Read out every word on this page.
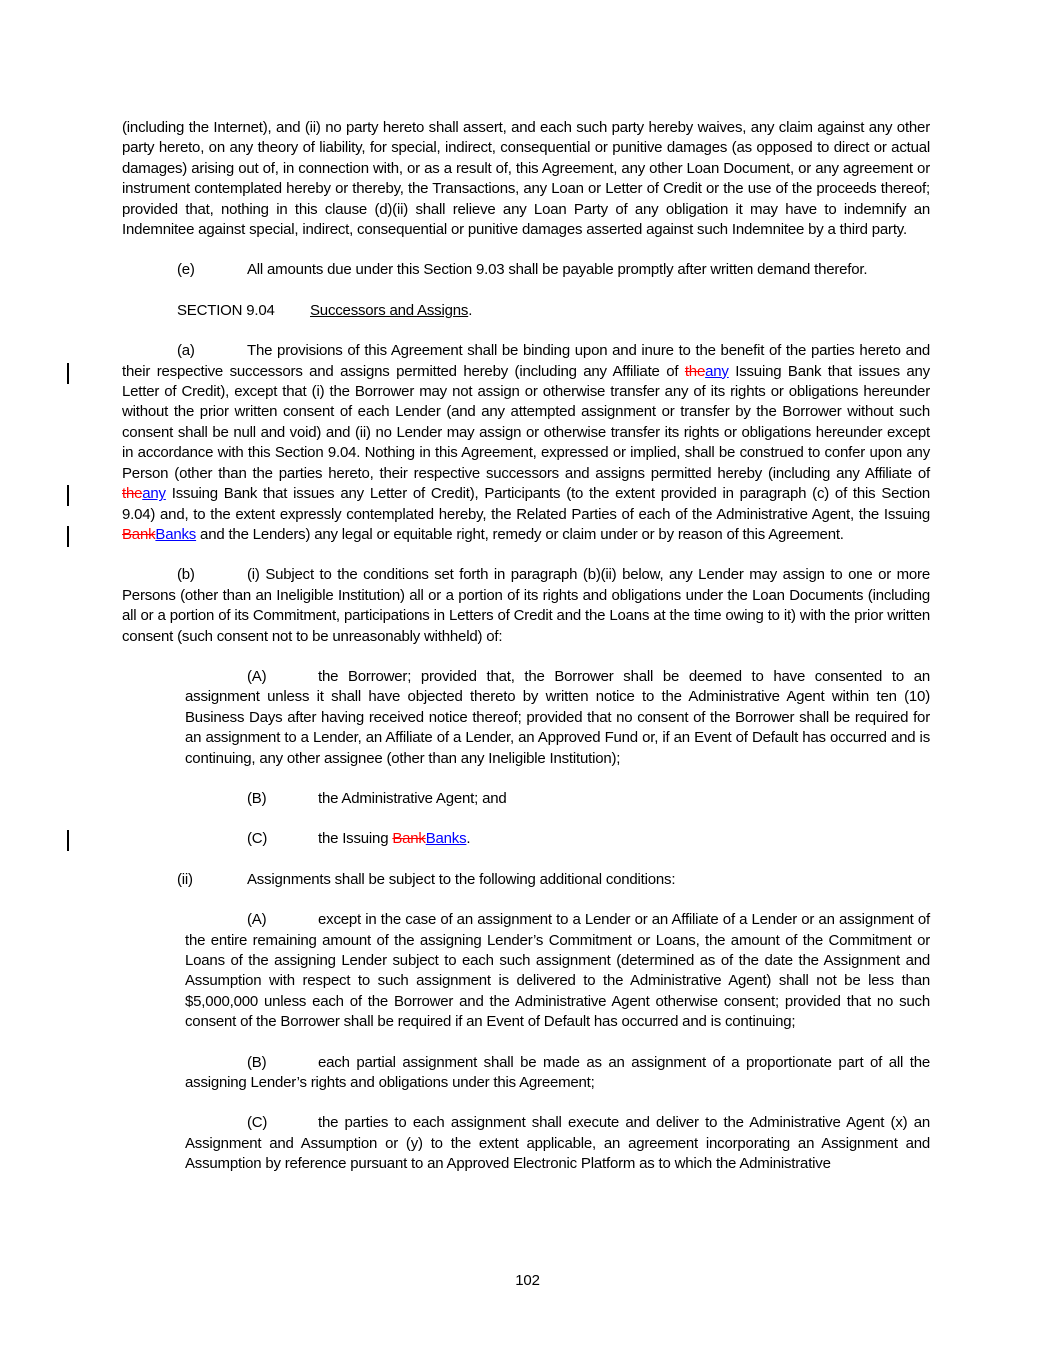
(including the Internet), and (ii) no party hereto shall assert, and each such party hereby waives, any claim against any other party hereto, on any theory of liability, for special, indirect, consequential or punitive damages (as opposed to direct or actual damages) arising out of, in connection with, or as a result of, this Agreement, any other Loan Document, or any agreement or instrument contemplated hereby or thereby, the Transactions, any Loan or Letter of Credit or the use of the proceeds thereof; provided that, nothing in this clause (d)(ii) shall relieve any Loan Party of any obligation it may have to indemnify an Indemnitee against special, indirect, consequential or punitive damages asserted against such Indemnitee by a third party.
(e)	All amounts due under this Section 9.03 shall be payable promptly after written demand therefor.
SECTION 9.04 Successors and Assigns.
(a)	The provisions of this Agreement shall be binding upon and inure to the benefit of the parties hereto and their respective successors and assigns permitted hereby (including any Affiliate of theany Issuing Bank that issues any Letter of Credit), except that (i) the Borrower may not assign or otherwise transfer any of its rights or obligations hereunder without the prior written consent of each Lender (and any attempted assignment or transfer by the Borrower without such consent shall be null and void) and (ii) no Lender may assign or otherwise transfer its rights or obligations hereunder except in accordance with this Section 9.04. Nothing in this Agreement, expressed or implied, shall be construed to confer upon any Person (other than the parties hereto, their respective successors and assigns permitted hereby (including any Affiliate of theany Issuing Bank that issues any Letter of Credit), Participants (to the extent provided in paragraph (c) of this Section 9.04) and, to the extent expressly contemplated hereby, the Related Parties of each of the Administrative Agent, the Issuing BankBanks and the Lenders) any legal or equitable right, remedy or claim under or by reason of this Agreement.
(b)	(i) Subject to the conditions set forth in paragraph (b)(ii) below, any Lender may assign to one or more Persons (other than an Ineligible Institution) all or a portion of its rights and obligations under the Loan Documents (including all or a portion of its Commitment, participations in Letters of Credit and the Loans at the time owing to it) with the prior written consent (such consent not to be unreasonably withheld) of:
(A)	the Borrower; provided that, the Borrower shall be deemed to have consented to an assignment unless it shall have objected thereto by written notice to the Administrative Agent within ten (10) Business Days after having received notice thereof; provided that no consent of the Borrower shall be required for an assignment to a Lender, an Affiliate of a Lender, an Approved Fund or, if an Event of Default has occurred and is continuing, any other assignee (other than any Ineligible Institution);
(B)	the Administrative Agent; and
(C)	the Issuing BankBanks.
(ii)	Assignments shall be subject to the following additional conditions:
(A)	except in the case of an assignment to a Lender or an Affiliate of a Lender or an assignment of the entire remaining amount of the assigning Lender’s Commitment or Loans, the amount of the Commitment or Loans of the assigning Lender subject to each such assignment (determined as of the date the Assignment and Assumption with respect to such assignment is delivered to the Administrative Agent) shall not be less than $5,000,000 unless each of the Borrower and the Administrative Agent otherwise consent; provided that no such consent of the Borrower shall be required if an Event of Default has occurred and is continuing;
(B)	each partial assignment shall be made as an assignment of a proportionate part of all the assigning Lender’s rights and obligations under this Agreement;
(C)	the parties to each assignment shall execute and deliver to the Administrative Agent (x) an Assignment and Assumption or (y) to the extent applicable, an agreement incorporating an Assignment and Assumption by reference pursuant to an Approved Electronic Platform as to which the Administrative
102
